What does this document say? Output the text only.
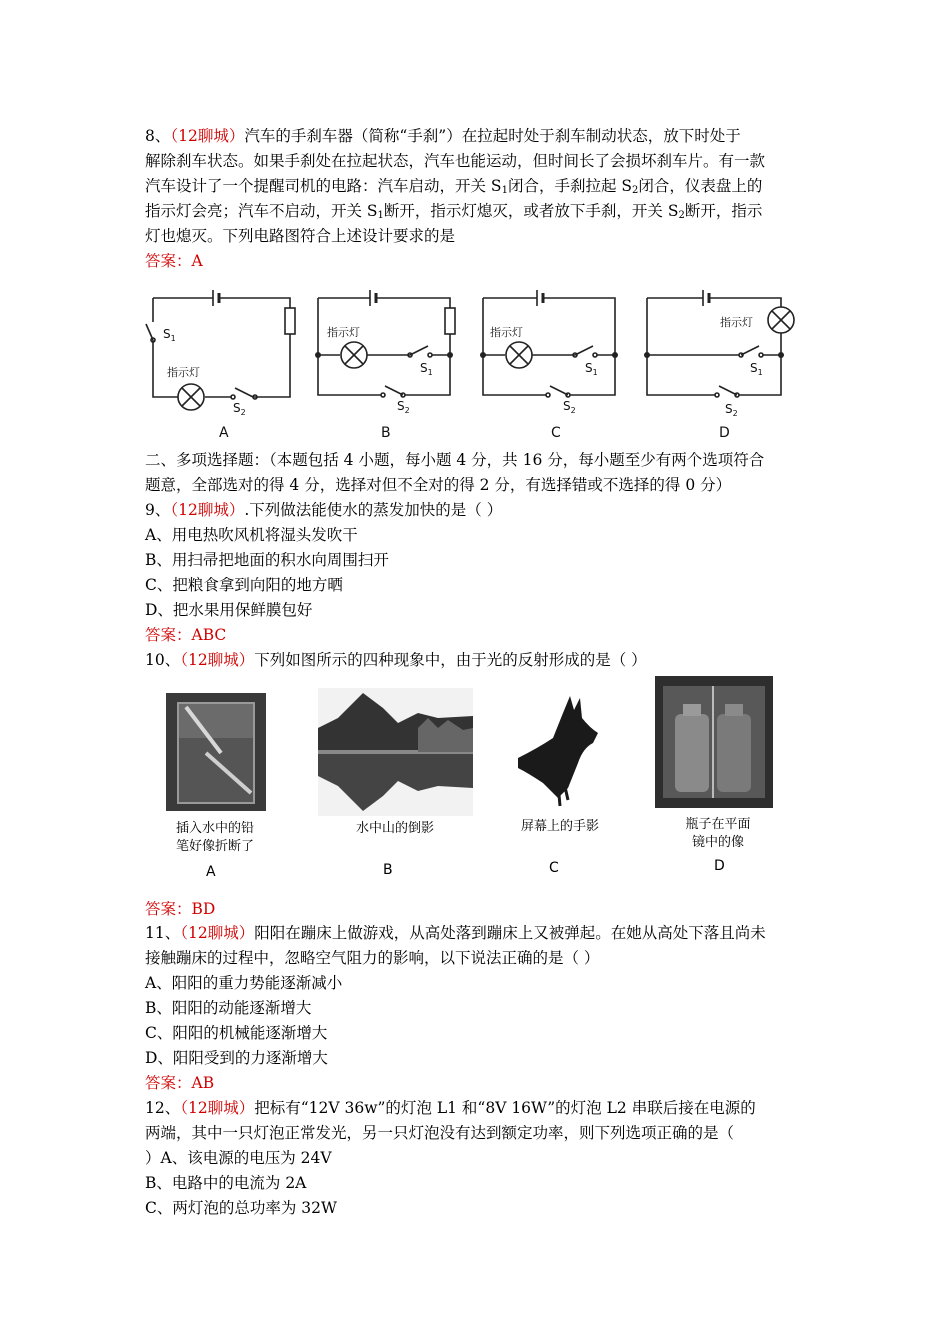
8、（12聊城）汽车的手刹车器（简称“手刹”）在拉起时处于刹车制动状态，放下时处于
解除刹车状态。如果手刹处在拉起状态，汽车也能运动，但时间长了会损坏刹车片。有一款
汽车设计了一个提醒司机的电路：汽车启动，开关 $S_1$闭合，手刹拉起 $S_2$闭合，仪表盘上的
指示灯会亮；汽车不启动，开关 $S_1$断开，指示灯熄灭，或者放下手刹，开关 $S_2$断开，指示
灯也熄灭。下列电路图符合上述设计要求的是
答案：A
$S_1$
指示灯
$S_2$
指示灯
$S_1$
$S_2$
指示灯
$S_1$
$S_2$
指示灯
$S_1$
$S_2$
A	B	C	D
二、多项选择题：（本题包括 4 小题，每小题 4 分，共 16 分，每小题至少有两个选项符合
题意，全部选对的得 4 分，选择对但不全对的得 2 分，有选择错或不选择的得 0 分）
9、（12聊城）.下列做法能使水的蒸发加快的是（ ）
A、用电热吹风机将湿头发吹干
B、用扫帚把地面的积水向周围扫开
C、把粮食拿到向阳的地方晒
D、把水果用保鲜膜包好
答案：ABC
10、（12聊城）下列如图所示的四种现象中，由于光的反射形成的是（ ）
插入水中的铅
笔好像折断了
A
水中山的倒影
B
屏幕上的手影
C
瓶子在平面
镜中的像
D
答案：BD
11、（12聊城）阳阳在蹦床上做游戏，从高处落到蹦床上又被弹起。在她从高处下落且尚未
接触蹦床的过程中，忽略空气阻力的影响，以下说法正确的是（ ）
A、阳阳的重力势能逐渐减小
B、阳阳的动能逐渐增大
C、阳阳的机械能逐渐增大
D、阳阳受到的力逐渐增大
答案：AB
12、（12聊城）把标有“12V 36w”的灯泡 L1 和“8V 16W”的灯泡 L2 串联后接在电源的
两端，其中一只灯泡正常发光，另一只灯泡没有达到额定功率，则下列选项正确的是（
）A、该电源的电压为 24V
B、电路中的电流为 2A
C、两灯泡的总功率为 32W
